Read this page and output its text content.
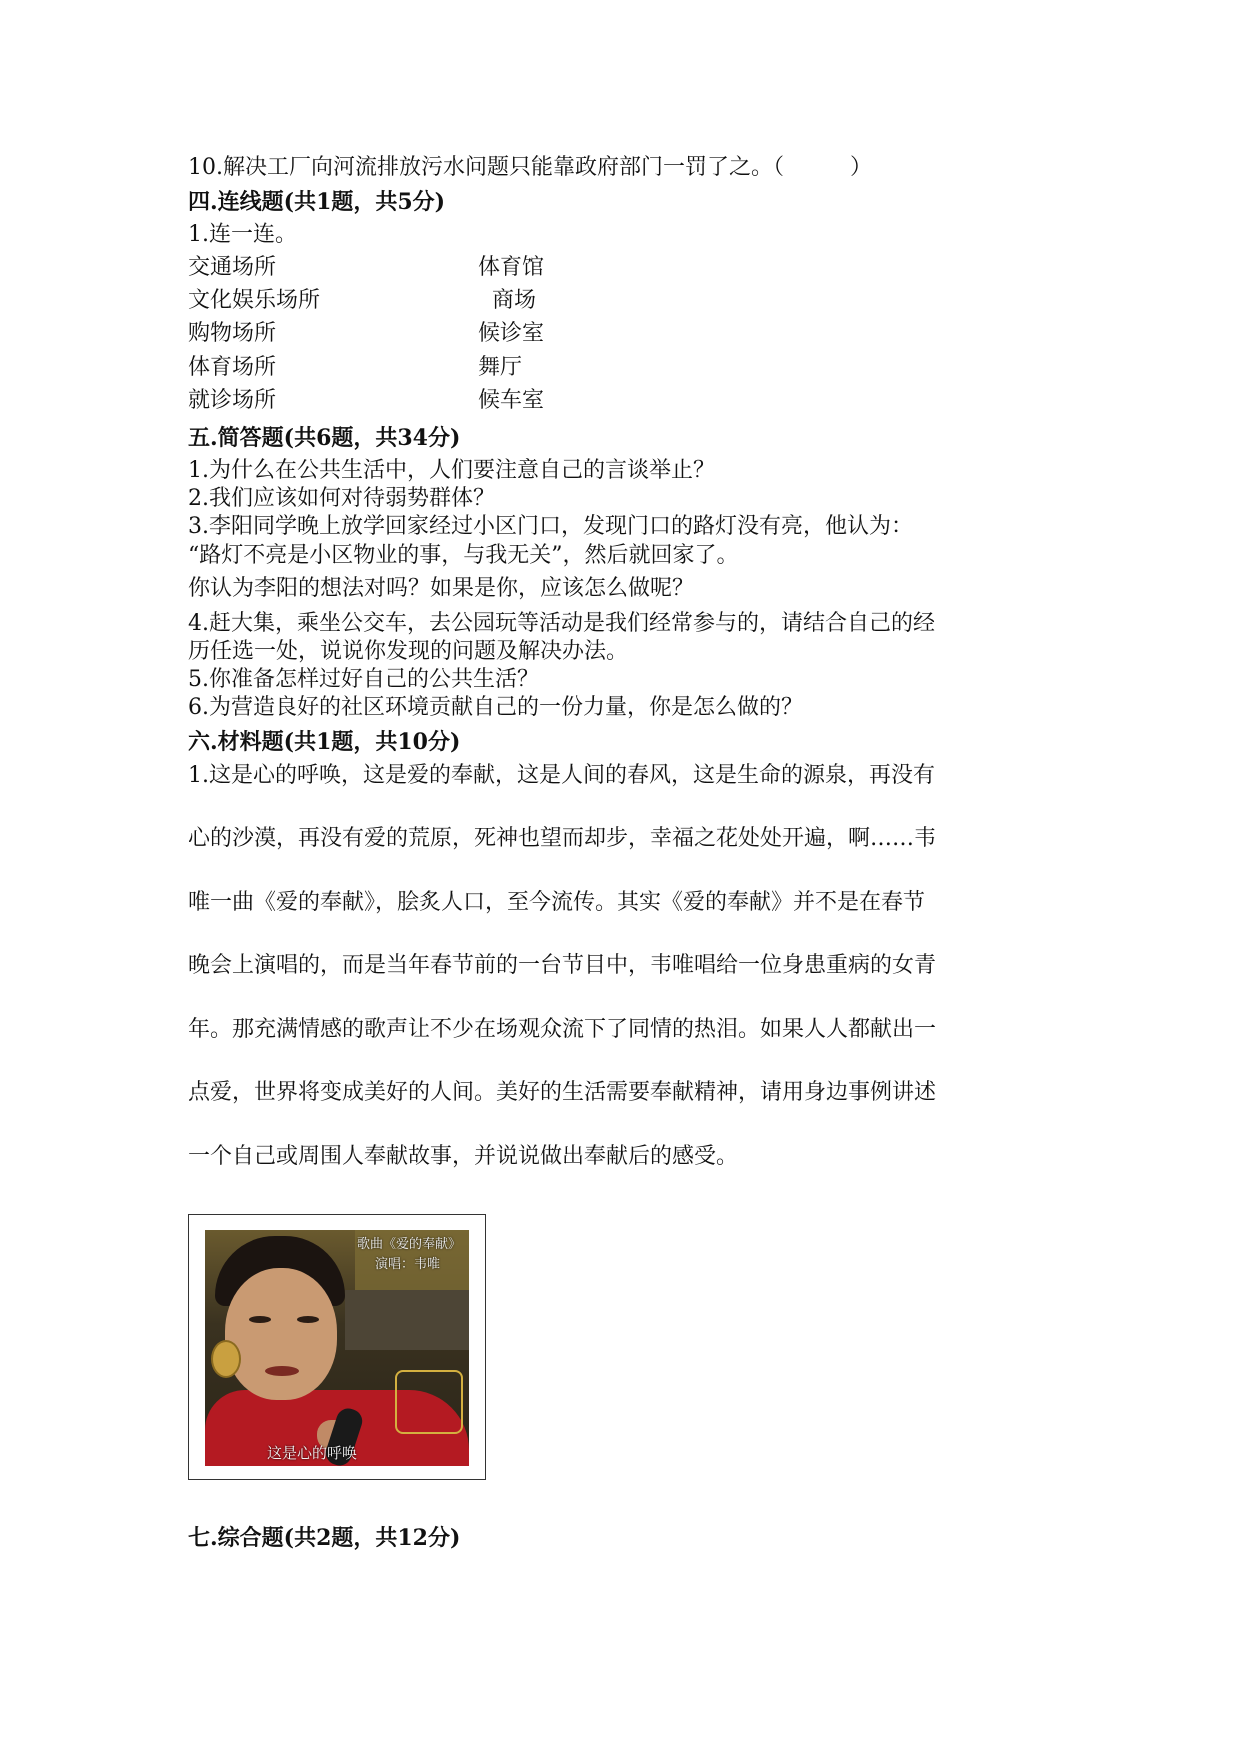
10.解决工厂向河流排放污水问题只能靠政府部门一罚了之。（　　　）

四.连线题(共1题，共5分)

1.连一连。

交通场所	体育馆

文化娱乐场所	商场

购物场所	候诊室

体育场所	舞厅

就诊场所	候车室

五.简答题(共6题，共34分)

1.为什么在公共生活中，人们要注意自己的言谈举止？

2.我们应该如何对待弱势群体？

3.李阳同学晚上放学回家经过小区门口，发现门口的路灯没有亮，他认为：

“路灯不亮是小区物业的事，与我无关”，然后就回家了。

你认为李阳的想法对吗？如果是你，应该怎么做呢？

4.赶大集，乘坐公交车，去公园玩等活动是我们经常参与的，请结合自己的经

历任选一处，说说你发现的问题及解决办法。

5.你准备怎样过好自己的公共生活？

6.为营造良好的社区环境贡献自己的一份力量，你是怎么做的？

六.材料题(共1题，共10分)

1.这是心的呼唤，这是爱的奉献，这是人间的春风，这是生命的源泉，再没有

心的沙漠，再没有爱的荒原，死神也望而却步，幸福之花处处开遍，啊……韦

唯一曲《爱的奉献》，脍炙人口，至今流传。其实《爱的奉献》并不是在春节

晚会上演唱的，而是当年春节前的一台节目中，韦唯唱给一位身患重病的女青

年。那充满情感的歌声让不少在场观众流下了同情的热泪。如果人人都献出一

点爱，世界将变成美好的人间。美好的生活需要奉献精神，请用身边事例讲述

一个自己或周围人奉献故事，并说说做出奉献后的感受。

歌曲《爱的奉献》
演唱：韦唯
这是心的呼唤

七.综合题(共2题，共12分)
